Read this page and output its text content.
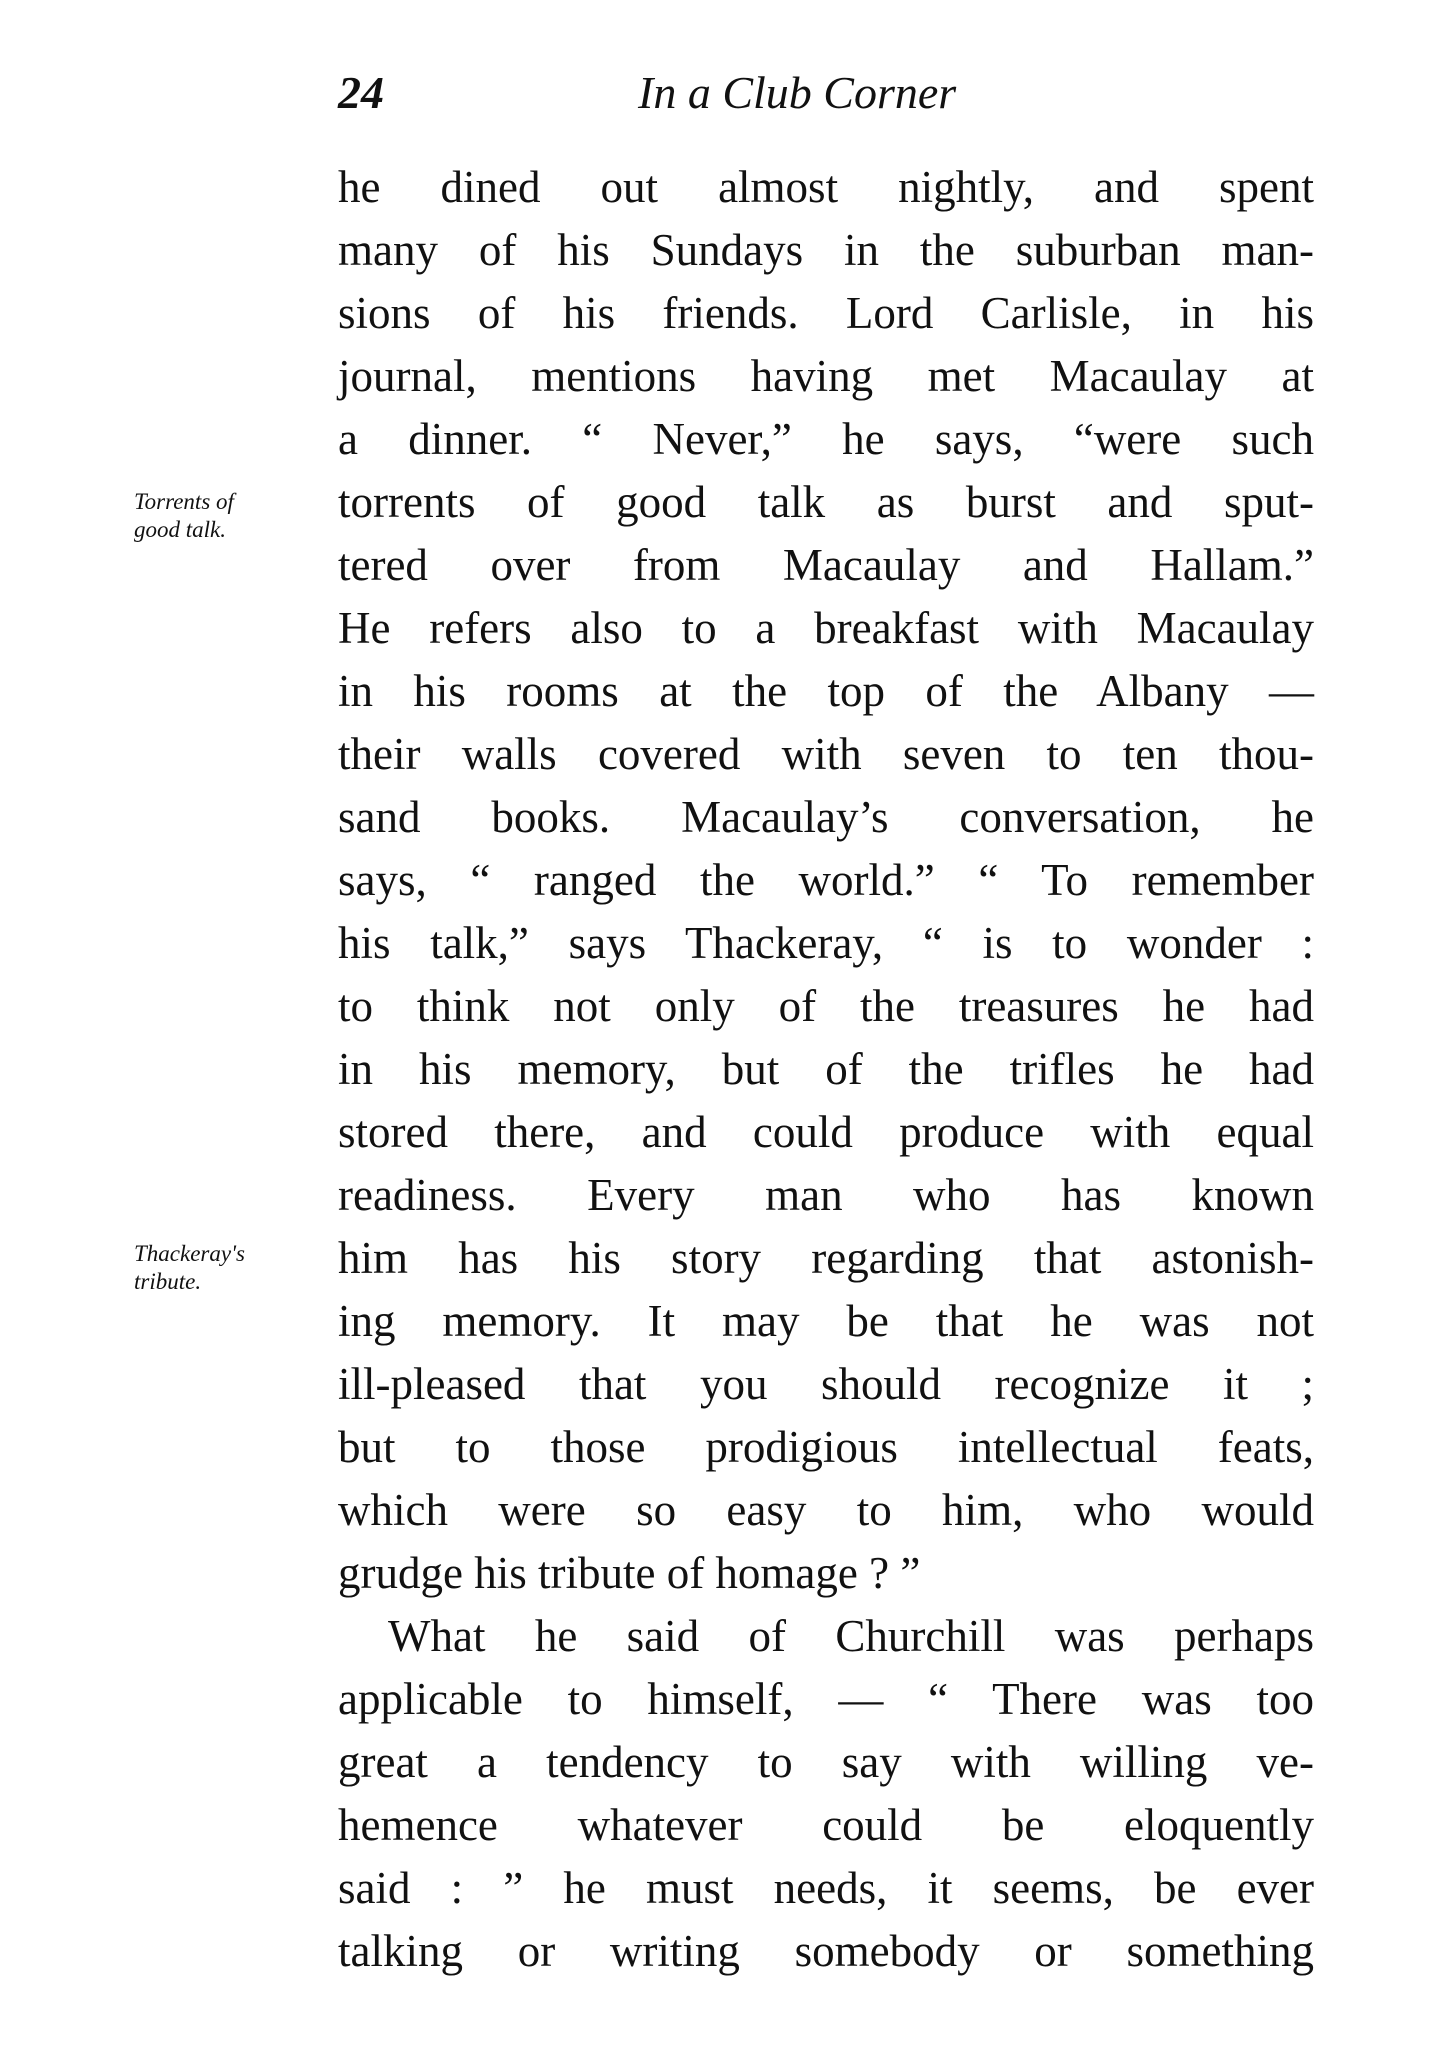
24	In a Club Corner
Torrents of
good talk.
Thackeray's
tribute.
he dined out almost nightly, and spent
many of his Sundays in the suburban man-
sions of his friends. Lord Carlisle, in his
journal, mentions having met Macaulay at
a dinner. “ Never,” he says, “were such
torrents of good talk as burst and sput-
tered over from Macaulay and Hallam.”
He refers also to a breakfast with Macaulay
in his rooms at the top of the Albany —
their walls covered with seven to ten thou-
sand books. Macaulay’s conversation, he
says, “ ranged the world.” “ To remember
his talk,” says Thackeray, “ is to wonder :
to think not only of the treasures he had
in his memory, but of the trifles he had
stored there, and could produce with equal
readiness. Every man who has known
him has his story regarding that astonish-
ing memory. It may be that he was not
ill-pleased that you should recognize it ;
but to those prodigious intellectual feats,
which were so easy to him, who would
grudge his tribute of homage ? ”
What he said of Churchill was perhaps
applicable to himself, — “ There was too
great a tendency to say with willing ve-
hemence whatever could be eloquently
said : ” he must needs, it seems, be ever
talking or writing somebody or something
